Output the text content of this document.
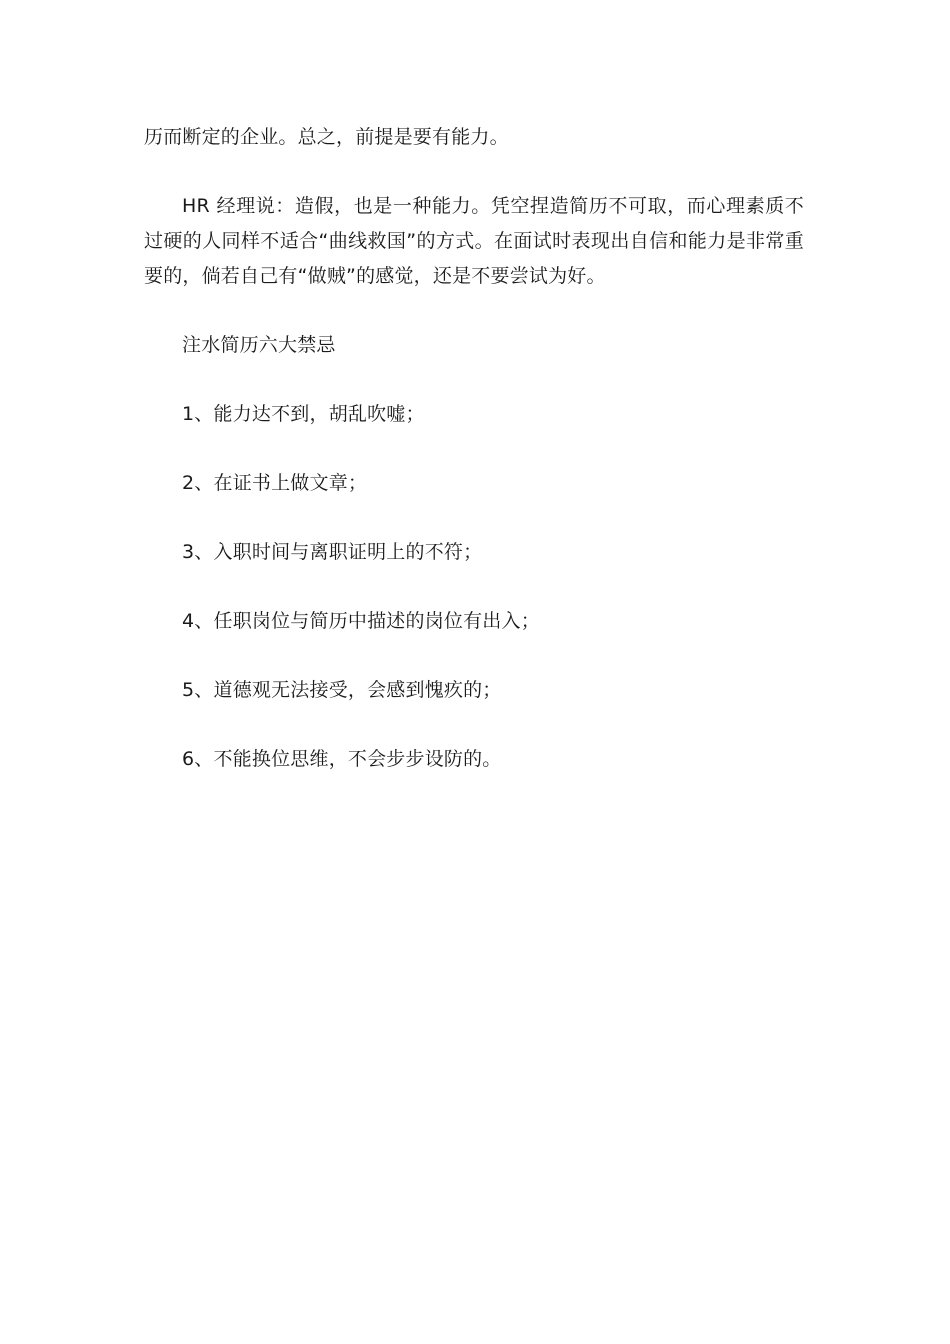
历而断定的企业。总之，前提是要有能力。

HR 经理说：造假，也是一种能力。凭空捏造简历不可取，而心理素质不过硬的人同样不适合“曲线救国”的方式。在面试时表现出自信和能力是非常重要的，倘若自己有“做贼”的感觉，还是不要尝试为好。

注水简历六大禁忌

1、能力达不到，胡乱吹嘘；

2、在证书上做文章；

3、入职时间与离职证明上的不符；

4、任职岗位与简历中描述的岗位有出入；

5、道德观无法接受，会感到愧疚的；

6、不能换位思维，不会步步设防的。
